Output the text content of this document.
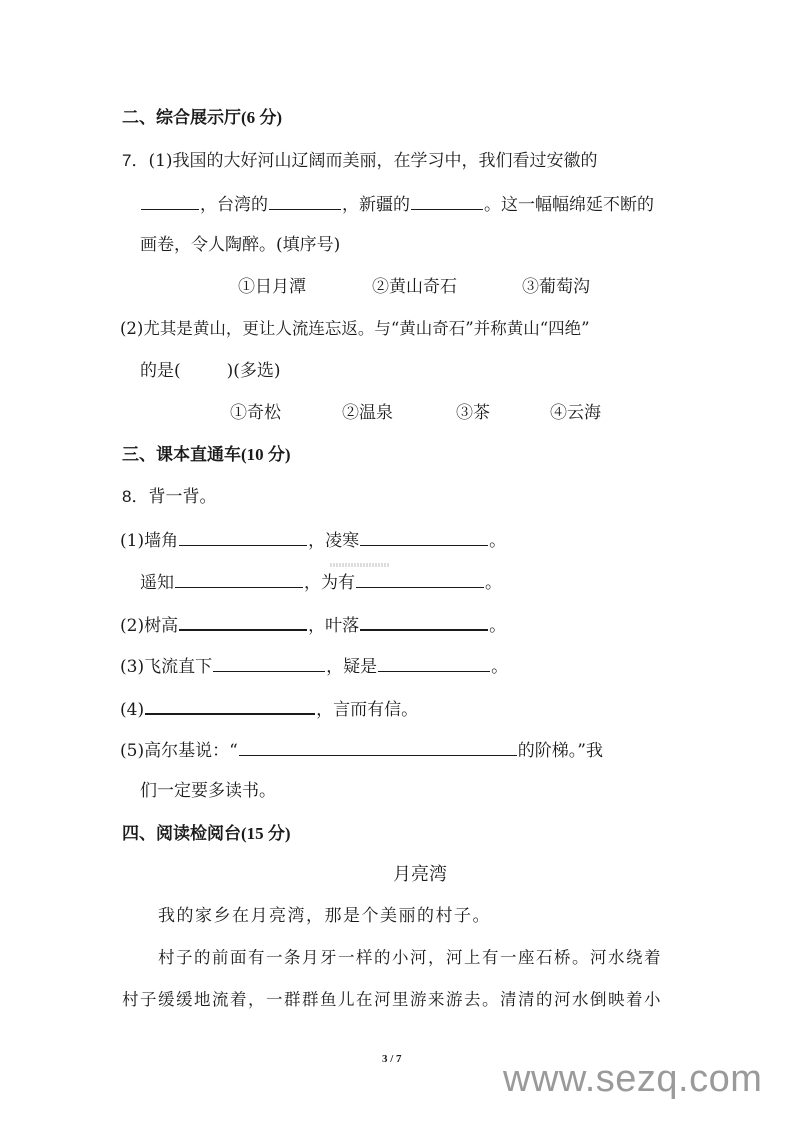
二、综合展示厅(6 分)
7．(1)我国的大好河山辽阔而美丽，在学习中，我们看过安徽的
，台湾的	，新疆的	。这一幅幅绵延不断的
画卷，令人陶醉。(填序号)
①日月潭	②黄山奇石	③葡萄沟
(2)尤其是黄山，更让人流连忘返。与“黄山奇石”并称黄山“四绝”
的是(	)(多选)
①奇松	②温泉	③茶	④云海
三、课本直通车(10 分)
8．背一背。
(1)墙角	，凌寒	。
遥知	，为有	。
(2)树高	，叶落	。
(3)飞流直下	，疑是	。
(4)	，言而有信。
(5)高尔基说：“	的阶梯。”我
们一定要多读书。
四、阅读检阅台(15 分)
月亮湾
我的家乡在月亮湾，那是个美丽的村子。
村子的前面有一条月牙一样的小河，河上有一座石桥。河水绕着
村子缓缓地流着，一群群鱼儿在河里游来游去。清清的河水倒映着小
3 / 7	www.sezq.com
